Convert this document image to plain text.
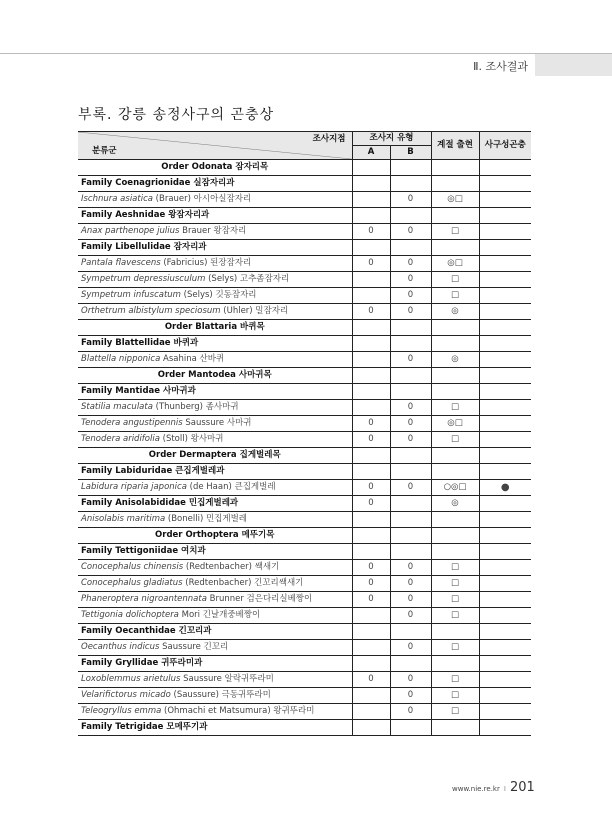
Ⅱ. 조사결과
부록. 강릉 송정사구의 곤충상
조사지점
분류군	조사지 유형		계절 출현	사구성곤충
	A	B		
Order Odonata 잠자리목				
Family Coenagrionidae 실잠자리과				
Ischnura asiatica (Brauer) 아시아실잠자리		0	◎□	
Family Aeshnidae 왕잠자리과				
Anax parthenope julius Brauer 왕잠자리	0	0	□	
Family Libellulidae 잠자리과				
Pantala flavescens (Fabricius) 된장잠자리	0	0	◎□	
Sympetrum depressiusculum (Selys) 고추좀잠자리		0	□	
Sympetrum infuscatum (Selys) 깃동잠자리		0	□	
Orthetrum albistylum speciosum (Uhler) 밀잠자리	0	0	◎	
Order Blattaria 바퀴목				
Family Blattellidae 바퀴과				
Blattella nipponica Asahina 산바퀴		0	◎	
Order Mantodea 사마귀목				
Family Mantidae 사마귀과				
Statilia maculata (Thunberg) 좀사마귀		0	□	
Tenodera angustipennis Saussure 사마귀	0	0	◎□	
Tenodera aridifolia (Stoll) 왕사마귀	0	0	□	
Order Dermaptera 집게벌레목				
Family Labiduridae 큰집게벌레과				
Labidura riparia japonica (de Haan) 큰집게벌레	0	0	○◎□	●
Family Anisolabididae 민집게벌레과	0		◎	
Anisolabis maritima (Bonelli) 민집게벌레				
Order Orthoptera 메뚜기목				
Family Tettigoniidae 여치과				
Conocephalus chinensis (Redtenbacher) 쌕새기	0	0	□	
Conocephalus gladiatus (Redtenbacher) 긴꼬리쌕새기	0	0	□	
Phaneroptera nigroantennata Brunner 검은다리실베짱이	0	0	□	
Tettigonia dolichoptera Mori 긴날개중베짱이		0	□	
Family Oecanthidae 긴꼬리과				
Oecanthus indicus Saussure 긴꼬리		0	□	
Family Gryllidae 귀뚜라미과				
Loxoblemmus arietulus Saussure 알락귀뚜라미	0	0	□	
Velarifictorus micado (Saussure) 극동귀뚜라미		0	□	
Teleogryllus emma (Ohmachi et Matsumura) 왕귀뚜라미		0	□	
Family Tetrigidae 모메뚜기과				
www.nie.re.kr I 201
